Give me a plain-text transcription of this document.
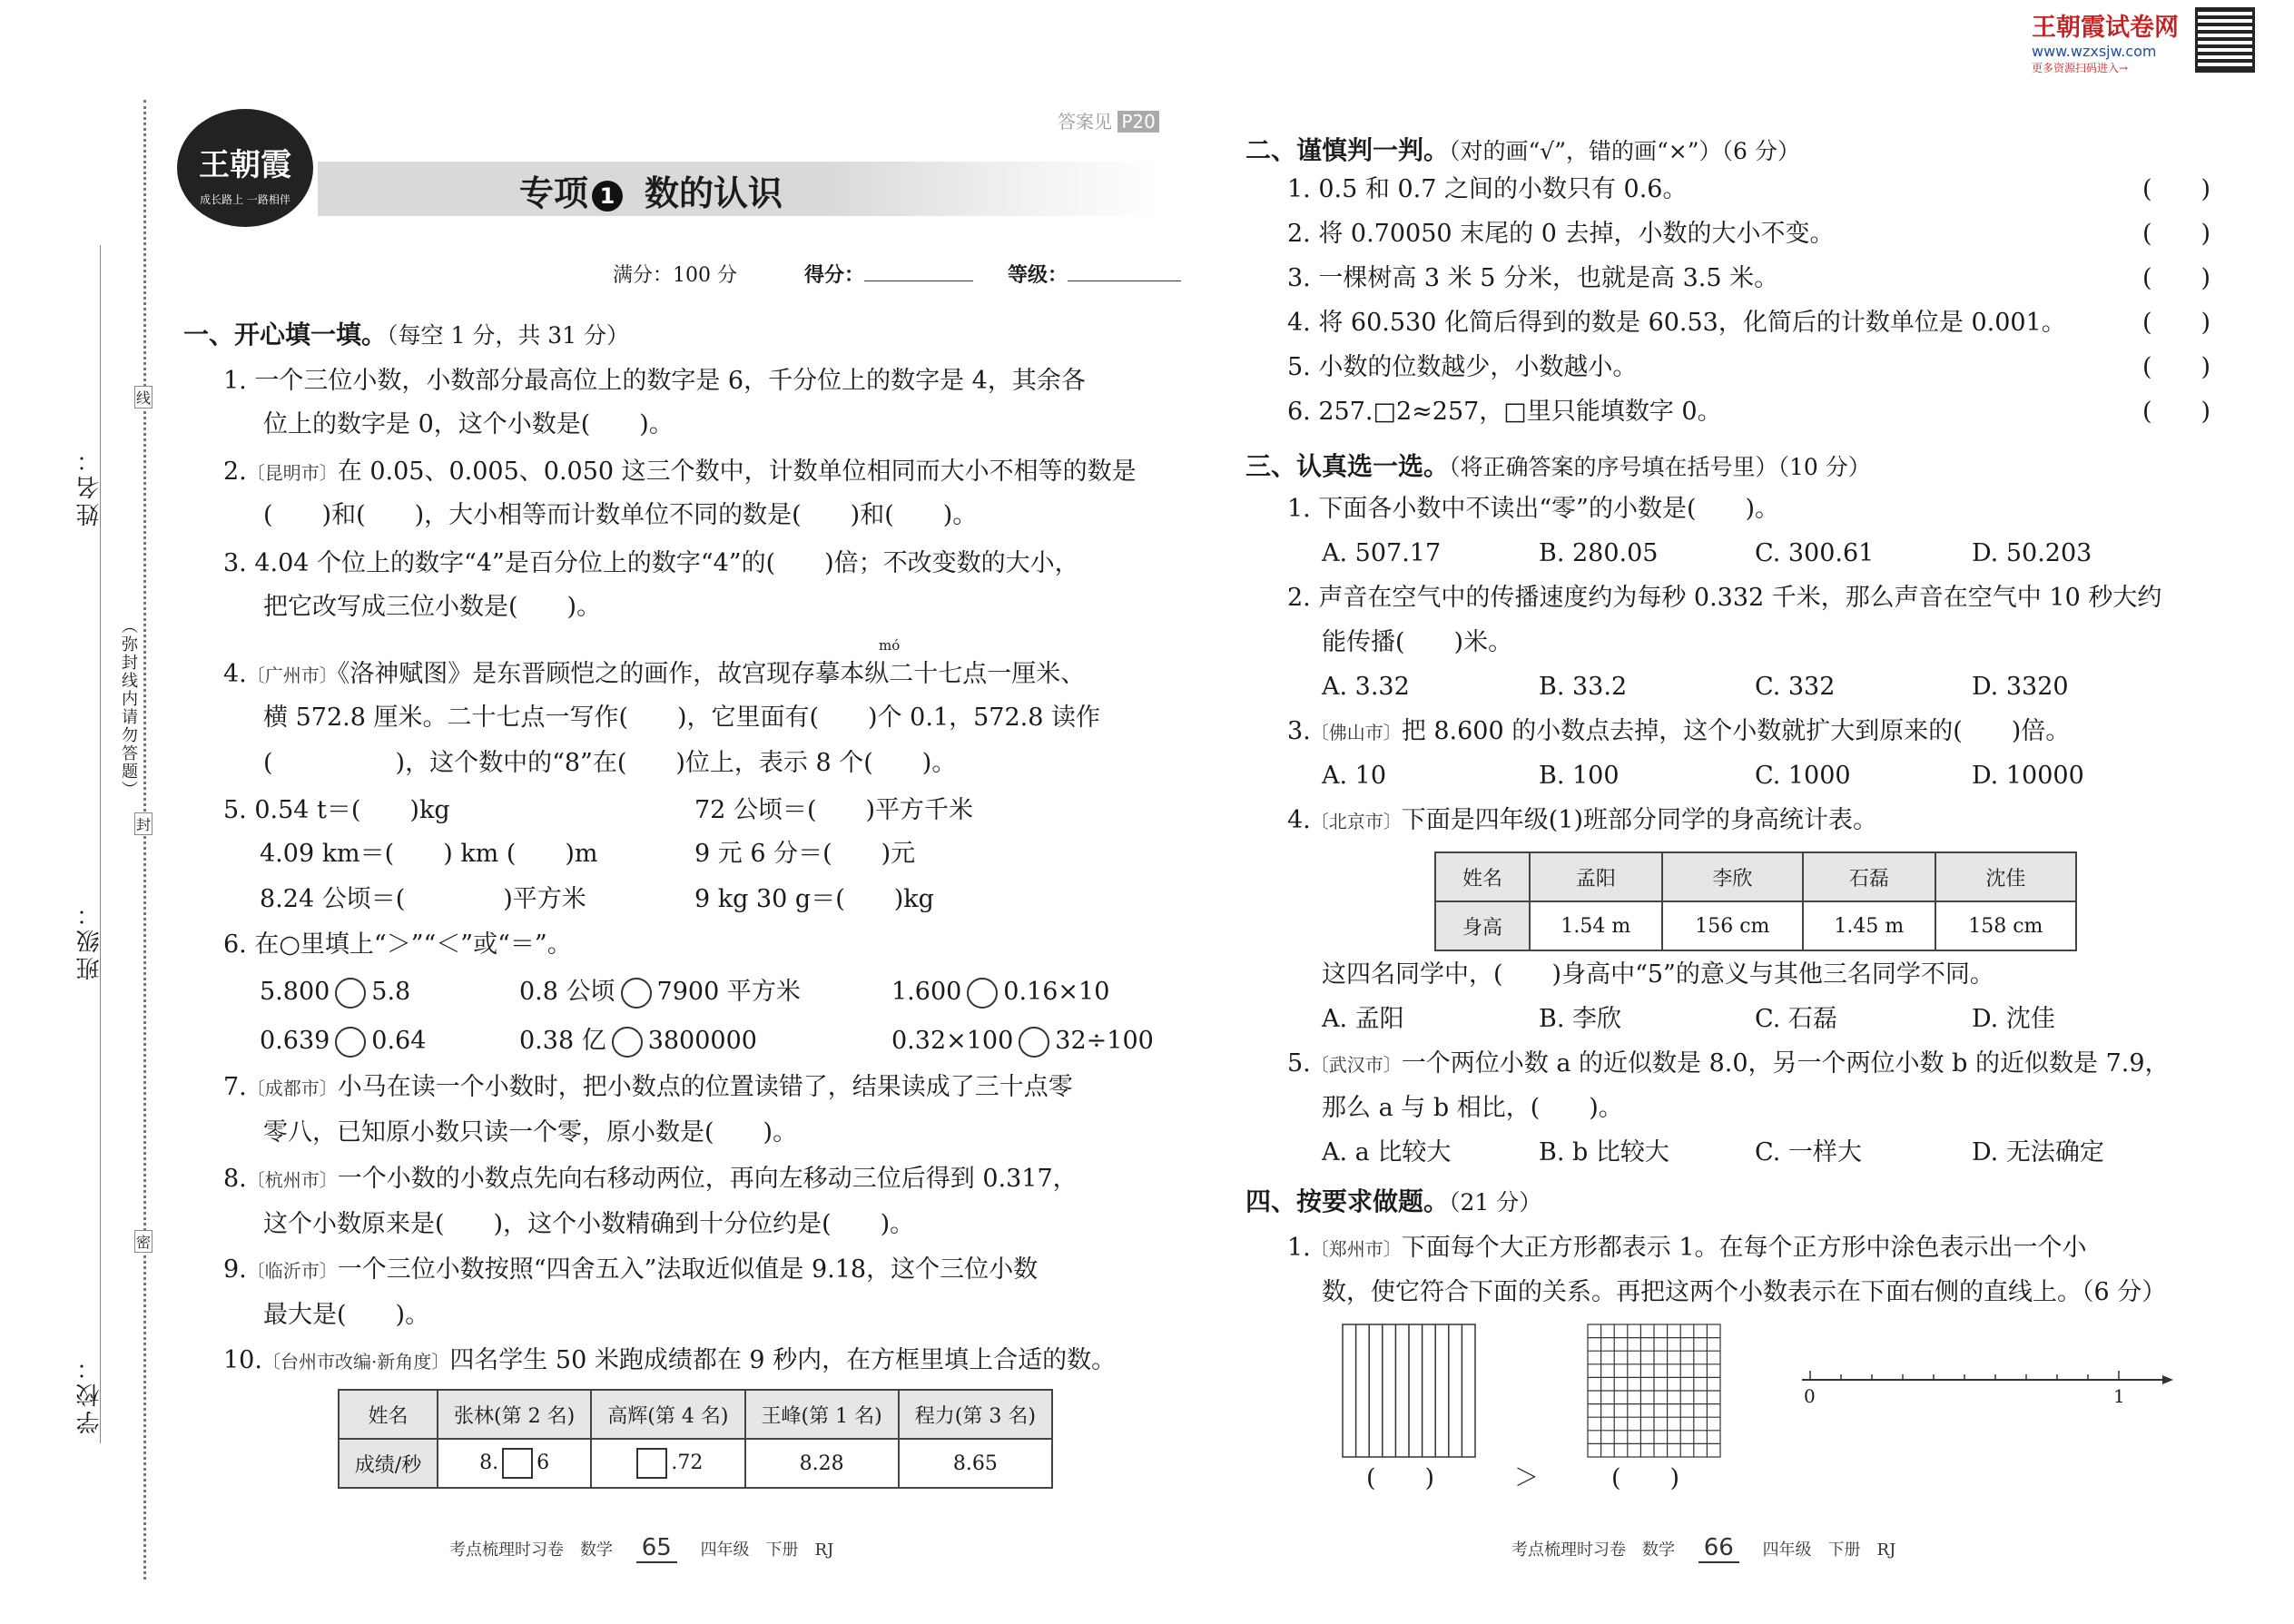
姓名：
班级：
学校：
（弥封线内请勿答题）
线
封
密
王朝霞
成长路上 一路相伴
答案见 P20
专项 1 数的认识
满分：100 分	得分：	等级：
一、开心填一填。（每空 1 分，共 31 分）
1. 一个三位小数，小数部分最高位上的数字是 6，千分位上的数字是 4，其余各
位上的数字是 0，这个小数是(　　)。
2.〔昆明市〕在 0.05、0.005、0.050 这三个数中，计数单位相同而大小不相等的数是
(　　)和(　　)，大小相等而计数单位不同的数是(　　)和(　　)。
3. 4.04 个位上的数字“4”是百分位上的数字“4”的(　　)倍；不改变数的大小，
把它改写成三位小数是(　　)。
mó
4.〔广州市〕《洛神赋图》是东晋顾恺之的画作，故宫现存摹本纵二十七点一厘米、
横 572.8 厘米。二十七点一写作(　　)，它里面有(　　)个 0.1，572.8 读作
(　　　　　)，这个数中的“8”在(　　)位上，表示 8 个(　　)。
5. 0.54 t＝(　　)kg	72 公顷＝(　　)平方千米
4.09 km＝(　　) km (　　)m	9 元 6 分＝(　　)元
8.24 公顷＝(　　　　)平方米	9 kg 30 g＝(　　)kg
6. 在○里填上“＞”“＜”或“＝”。
5.800 5.8	0.8 公顷 7900 平方米	1.600 0.16×10
0.639 0.64	0.38 亿 3800000	0.32×100 32÷100
7.〔成都市〕小马在读一个小数时，把小数点的位置读错了，结果读成了三十点零
零八，已知原小数只读一个零，原小数是(　　)。
8.〔杭州市〕一个小数的小数点先向右移动两位，再向左移动三位后得到 0.317，
这个小数原来是(　　)，这个小数精确到十分位约是(　　)。
9.〔临沂市〕一个三位小数按照“四舍五入”法取近似值是 9.18，这个三位小数
最大是(　　)。
10.〔台州市改编·新角度〕四名学生 50 米跑成绩都在 9 秒内，在方框里填上合适的数。
姓名	张林(第 2 名)	高辉(第 4 名)	王峰(第 1 名)	程力(第 3 名)
成绩/秒	8. 6	.72	8.28	8.65
考点梳理时习卷　数学 65 四年级　下册　RJ
王朝霞试卷网
www.wzxsjw.com
更多资源扫码进入→
二、谨慎判一判。（对的画“√”，错的画“×”）（6 分）
1. 0.5 和 0.7 之间的小数只有 0.6。	(　　)
2. 将 0.70050 末尾的 0 去掉，小数的大小不变。	(　　)
3. 一棵树高 3 米 5 分米，也就是高 3.5 米。	(　　)
4. 将 60.530 化简后得到的数是 60.53，化简后的计数单位是 0.001。	(　　)
5. 小数的位数越少，小数越小。	(　　)
6. 257.□2≈257，□里只能填数字 0。	(　　)
三、认真选一选。（将正确答案的序号填在括号里）（10 分）
1. 下面各小数中不读出“零”的小数是(　　)。
A. 507.17	B. 280.05	C. 300.61	D. 50.203
2. 声音在空气中的传播速度约为每秒 0.332 千米，那么声音在空气中 10 秒大约
能传播(　　)米。
A. 3.32	B. 33.2	C. 332	D. 3320
3.〔佛山市〕把 8.600 的小数点去掉，这个小数就扩大到原来的(　　)倍。
A. 10	B. 100	C. 1000	D. 10000
4.〔北京市〕下面是四年级(1)班部分同学的身高统计表。
姓名	孟阳	李欣	石磊	沈佳
身高	1.54 m	156 cm	1.45 m	158 cm
这四名同学中，(　　)身高中“5”的意义与其他三名同学不同。
A. 孟阳	B. 李欣	C. 石磊	D. 沈佳
5.〔武汉市〕一个两位小数 a 的近似数是 8.0，另一个两位小数 b 的近似数是 7.9，
那么 a 与 b 相比，(　　)。
A. a 比较大	B. b 比较大	C. 一样大	D. 无法确定
四、按要求做题。（21 分）
1.〔郑州市〕下面每个大正方形都表示 1。在每个正方形中涂色表示出一个小
数，使它符合下面的关系。再把这两个小数表示在下面右侧的直线上。（6 分）
(　　)	＞	(　　)
0	1
考点梳理时习卷　数学 66 四年级　下册　RJ
